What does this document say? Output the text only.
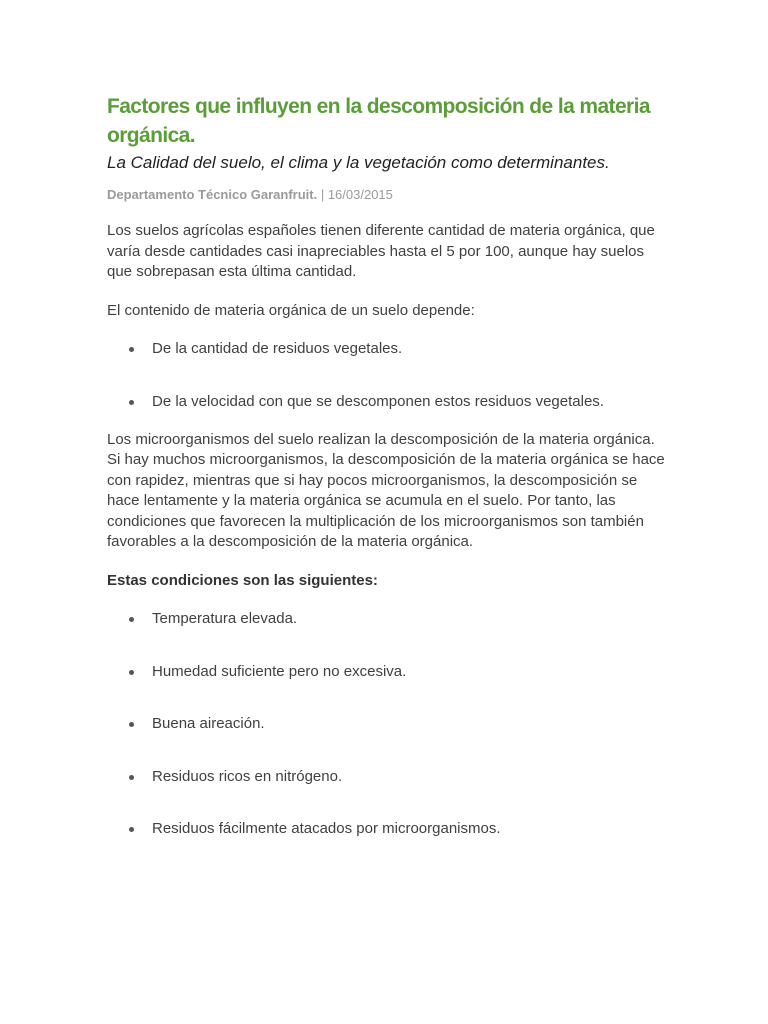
Factores que influyen en la descomposición de la materia orgánica.

La Calidad del suelo, el clima y la vegetación como determinantes.

Departamento Técnico Garanfruit. | 16/03/2015

Los suelos agrícolas españoles tienen diferente cantidad de materia orgánica, que varía desde cantidades casi inapreciables hasta el 5 por 100, aunque hay suelos que sobrepasan esta última cantidad.

El contenido de materia orgánica de un suelo depende:

De la cantidad de residuos vegetales.
De la velocidad con que se descomponen estos residuos vegetales.

Los microorganismos del suelo realizan la descomposición de la materia orgánica. Si hay muchos microorganismos, la descomposición de la materia orgánica se hace con rapidez, mientras que si hay pocos microorganismos, la descomposición se hace lentamente y la materia orgánica se acumula en el suelo. Por tanto, las condiciones que favorecen la multiplicación de los microorganismos son también favorables a la descomposición de la materia orgánica.

Estas condiciones son las siguientes:

Temperatura elevada.
Humedad suficiente pero no excesiva.
Buena aireación.
Residuos ricos en nitrógeno.
Residuos fácilmente atacados por microorganismos.
